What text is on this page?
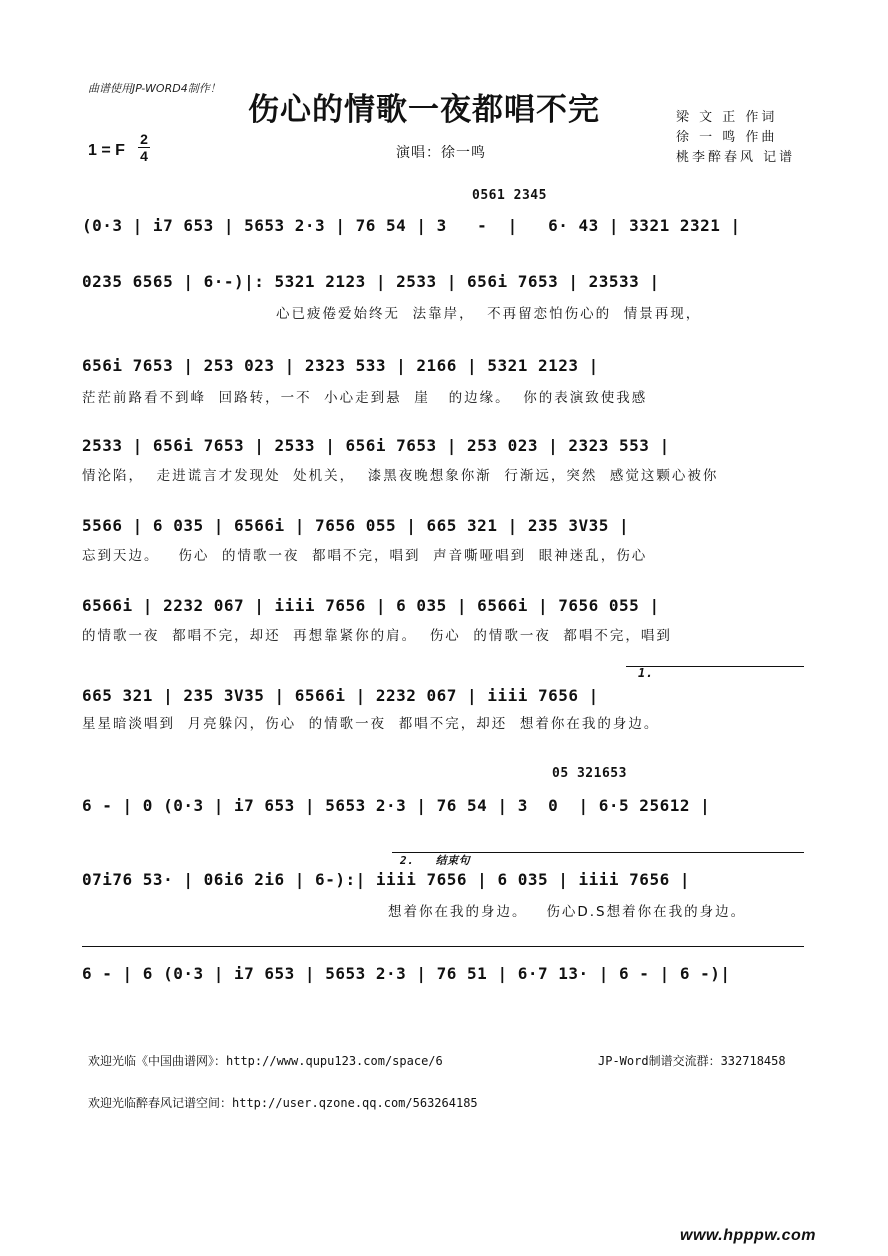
曲谱使用JP-WORD4制作！
伤心的情歌一夜都唱不完	梁 文 正 作词
徐 一 鸣 作曲
桃李醉春风 记谱
1 = F
2
4	演唱：徐一鸣
0561 2345
(0·3 | i7 653 | 5653 2·3 | 76 54 | 3   -  |   6· 43 | 3321 2321 |
0235 6565 | 6·-)|: 5321 2123 | 2533 | 656i 7653 | 23533 |
心已疲倦爱始终无  法靠岸，  不再留恋怕伤心的  情景再现，
656i 7653 | 253 023 | 2323 533 | 2166 | 5321 2123 |
茫茫前路看不到峰  回路转，一不  小心走到悬  崖   的边缘。  你的表演致使我感
2533 | 656i 7653 | 2533 | 656i 7653 | 253 023 | 2323 553 |
情沦陷，  走进谎言才发现处  处机关，  漆黑夜晚想象你渐  行渐远，突然  感觉这颗心被你
5566 | 6 035 | 6566i | 7656 055 | 665 321 | 235 3V35 |
忘到天边。   伤心  的情歌一夜  都唱不完，唱到  声音嘶哑唱到  眼神迷乱，伤心
6566i | 2232 067 | iiii 7656 | 6 035 | 6566i | 7656 055 |
的情歌一夜  都唱不完，却还  再想靠紧你的肩。  伤心  的情歌一夜  都唱不完，唱到
1.
665 321 | 235 3V35 | 6566i | 2232 067 | iiii 7656 |
星星暗淡唱到  月亮躲闪，伤心  的情歌一夜  都唱不完，却还  想着你在我的身边。
05 321653
6 - | 0 (0·3 | i7 653 | 5653 2·3 | 76 54 | 3  0  | 6·5 25612 |
2.   结束句
07i76 53· | 06i6 2i6 | 6-):| iiii 7656 | 6 035 | iiii 7656 |
想着你在我的身边。   伤心D.S想着你在我的身边。
6 - | 6 (0·3 | i7 653 | 5653 2·3 | 76 51 | 6·7 13· | 6 - | 6 -)|
欢迎光临《中国曲谱网》：http://www.qupu123.com/space/6	JP-Word制谱交流群：332718458
欢迎光临醉春风记谱空间：http://user.qzone.qq.com/563264185
www.hpppw.com
